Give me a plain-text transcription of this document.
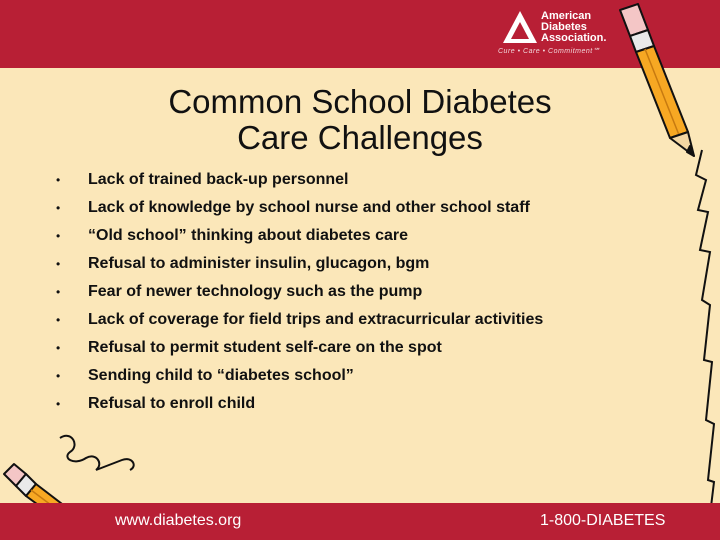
American
Diabetes
Association.
Cure • Care • Commitment℠
Common School Diabetes
Care Challenges
• Lack of trained back-up personnel
• Lack of knowledge by school nurse and other school staff
• “Old school” thinking about diabetes care
• Refusal to administer insulin, glucagon, bgm
• Fear of newer technology such as the pump
• Lack of coverage for field trips and extracurricular activities
• Refusal to permit student self-care on the spot
• Sending child to “diabetes school”
• Refusal to enroll child
www.diabetes.org	1-800-DIABETES
